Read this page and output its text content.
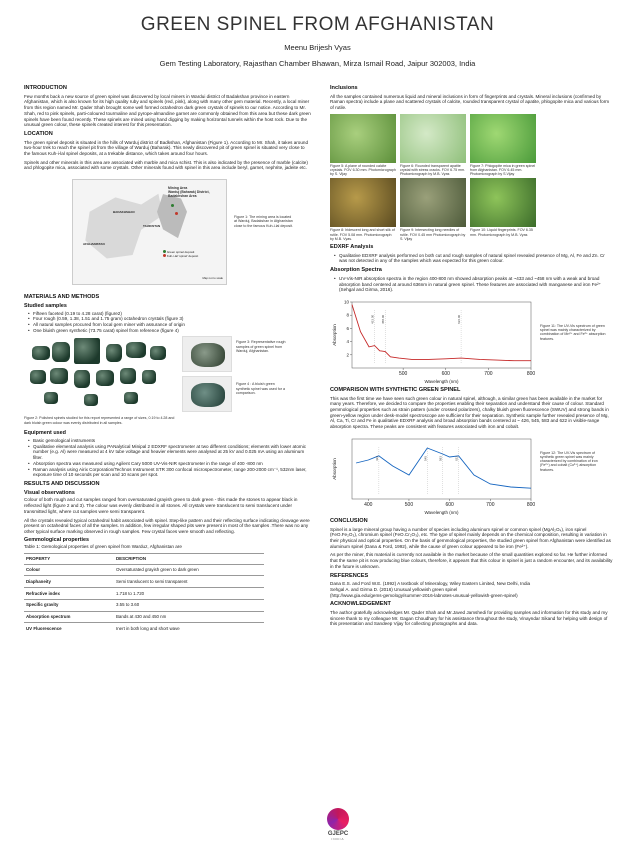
GREEN SPINEL FROM AFGHANISTAN
Meenu Brijesh Vyas
Gem Testing Laboratory, Rajasthan Chamber Bhawan, Mirza Ismail Road, Jaipur 302003, India
INTRODUCTION

Few months back a new source of green spinel was discovered by local miners in Wardui district of Badakshan province in eastern Afghanistan, which is also known for its high quality ruby and spinels (red, pink), along with many other gem material. Recently, a local miner from this region named Mr. Qader Shah brought some well formed octahedron dark green crystals of spinels to our notice. According to Mr. Shah, red to pink spinels, parti-coloured tourmaline and pyrope-almandine garnet are commonly obtained from this area but these dark green spinels have been found recently. These spinels are mined using hand digging by making horizontal tunnels within the host rock. Due to the unusual green colour, these spinels created interest for this presentation.

LOCATION

The green spinel deposit is situated in the hills of Warduj district of Badkshan, Afghanistan (Figure 1). According to Mr. Shah, it takes around two-hour trek to reach the spinel pit from the village of Warduj (Baharak). This newly discovered pit of green spinel is situated very close to the famous Kuh-i-lal spinel deposits, at a trekable distance, which takes around four hours.

Spinels and other minerals in this area are associated with marble and mica schist. This is also indicated by the presence of marble (calcite) and phlogopite mica, associated with some crystals. Other minerals found with spinel in this area include beryl, garnet, nephrite, jadeite etc.

Mining Area
Warduj (Baharak) District,
Badakhshan Area
TAJIKISTAN
BADAKHSHAN
AFGHANISTAN
Green spinel deposit
Kuh-i-lal 'spinel' deposit
Map not to scale
Figure 1: The mining area is located at Warduj, Badakshan in Afghanistan close to the famous Kuh-i-lal deposit.
MATERIALS AND METHODS
Studied samples
• Fifteen faceted (0.19 to 4.28 carat) (figure2)
• Four rough (0.59, 1.38, 1.51 and 1.75 gram) octahedron crystals (figure 3)
• All natural samples procured from local gem miner with assurance of origin
• One bluish green synthetic (73.75 carat) spinel from reference (figure 4)
Figure 3: Representative rough samples of green spinel from Warduj, Afghanistan.
Figure 4 : A bluish green synthetic spinel was used for a comparison.
Figure 2: Polished spinels studied for this report represented a range of sizes, 0.19 to 4.28 and dark bluish green colour was evenly distributed in all samples.
Equipment used
• Basic gemological instruments
• Qualitative elemental analysis using PANalytical Minipal 2 EDXRF spectrometer at two different conditions; elements with lower atomic number (e.g. Al) were measured at 4 kV tube voltage and heavier elements were analysed at 25 kV and 0.025 mA using an aluminum filter.
• Absorption spectra was measured using Agilent Cary 5000 UV-Vis-NIR spectrometer in the range of 400 -800 nm
• Raman analysis using Airix Corporation/Technos Instrument STR 300 confocal microspectrometer, range 200-2000 cm⁻¹, 532nm laser, exposure time of 10 seconds per scan and 10 scans per spot.
RESULTS AND DISCUSSION
Visual observations

Colour of both rough and cut samples ranged from oversaturated grayish green to dark green - this made the stones to appear black in reflected light (figure 2 and 3). The colour was evenly distributed in all stones. All crystals were translucent to semi translucent under transmitted light, where cut samples were semi transparent.

All the crystals revealed typical octahedral habit associated with spinel. Step-like pattern and their reflecting surface indicating cleavage were present on octahedral faces of all the samples. In addition, few irregular shaped pits were present in most of the samples .There was no any other typical surface marking observed in rough samples. Few crystal faces were smooth and reflecting.

Gemmological properties

Table 1: Gemological properties of green spinel from Warduz, Afghanistan are

PROPERTY	DESCRIPTION
Colour	Oversaturated grayish green to dark green
Diaphaneity	Semi translucent to semi transparent
Refractive index	1.718 to 1.720
Specific gravity	3.55 to 3.60
Absorption spectrum	Bands at 430 and 450 nm
UV Fluorescence	Inert in both long and short wave
Inclusions

All the samples contained numerous liquid and mineral inclusions in form of fingerprints and crystals. Mineral inclusions (confirmed by Raman spectra) include a plane and scattered crystals of calcite, rounded transparent crystal of apatite, phlogopite mica and various form of rutile.

Figure 5: A plane of rounded calcite crystals. FOV 6.30 mm. Photomicrograph by S. Vijay
Figure 6: Rounded transparent apatite crystal with stress cracks. FOV 6.75 mm. Photomicrograph by M.B. Vyas
Figure 7: Phlogopite mica in green spinel from Afghanistan. FOV 6.45 mm. Photomicrograph by S.Vijay
Figure 8: Iridescent long and short silk of rutile. FOV 5.08 mm. Photomicrograph by M.B. Vyas.
Figure 9: Intersecting long needles of rutile. FOV 0.45 mm Photomicrograph by S. Vijay
Figure 10: Liquid fingerprints. FOV 6.35 mm. Photomicrograph by M.B. Vyas
EDXRF Analysis
• Qualitative EDXRF analysis performed on both cut and rough samples of natural spinel revealed presence of Mg, Al, Fe and Zn. Cr was not detected in any of the samples which was expected for this green colour.
Absorption Spectra
• UV-Vis-NIR absorption spectra in the region 400-800 nm showed absorption peaks at ~433 and ~458 nm with a weak and broad absorption band centered at around 636nm in natural green spinel. These features are associated with manganese and iron Fe²⁺ (Sehgal and Girma, 2016).
500	600	700	800
2
4
6
8
10
Wavelength (nm)
Absorption
433.00 458.00	636.00
Figure 11: The UV-Vis spectrum of green spinel was mainly characterized by combination of Mn²⁺ and Fe²⁺ absorption features.
COMPARISON WITH SYNTHETIC GREEN SPINEL

This was the first time we have seen such green colour in natural spinel, although, a similar green has been available in the market for many years. Therefore, we decided to compare the properties enabling their separation and understand their cause of colour. Standard gemmological properties such as strain pattern (under crossed polarizers), chalky bluish green fluorescence (SWUV) and strong bands in green-yellow region under desk-model spectroscope are sufficient for their separation. Synthetic sample further revealed presence of Mg, Al, Ca, Ti, Cr and Fe in qualitative EDXRF analysis and broad absorption bands centered at ~ 426, 545, 583 and 622 in visible-range absorption spectra. These peaks are consistent with features associated with iron and cobalt.

400	500	600	700	800
Wavelength (nm)
Absorption	426	545	583	622
Figure 12: The UV-Vis spectrum of synthetic green spinel was mainly characterized by combination of iron (Fe²⁺) and cobalt (Co²⁺) absorption features.
CONCLUSION

Spinel is a large mineral group having a number of species including aluminum spinel or common spinel (MgAl₂O₄), iron spinel (FeO.Fe₂O₃), chromium spinel (FeO.Cr₂O₃), etc. The type of spinel mainly depends on the chemical composition, resulting in variation in their physical and optical properties. On the basis of gemmological properties, the studied green spinel from Afghanistan were identified as aluminum spinel (Dana & Ford, 1992), while the cause of green colour appeared to be iron (Fe²⁺).

As per the miner, this material is currently not available in the market because of the small quantities explored so far. He further informed that the same pit is now producing blue colours, therefore, it appears that this colour in spinel is just a random encounter, and its availability in the future is unknown.

REFERENCES

Dana E.S. and Ford W.E. (1992) A textbook of Mineralogy, Wiley Eastern Limited, New Delhi, India

Sehgal A. and Girma D. (2016) Unusual yellowish green spinel

(http://www.gia.edu/gems-gemology/summer-2016-labnotes-unusual-yellowish-green-spinel)

ACKNOWLEDGEMENT

The author gratefully acknowledges Mr. Qader Shah and Mr.Javed Jamshedi for providing samples and information for this study and my sincere thank to my colleague Mr. Gagan Choudhary for his assistance throughout the study, Vinayndar Sikand for helping with design of this presentation and Sandeep Vijay for collecting photographs and data.

GJEPC
INDIA
